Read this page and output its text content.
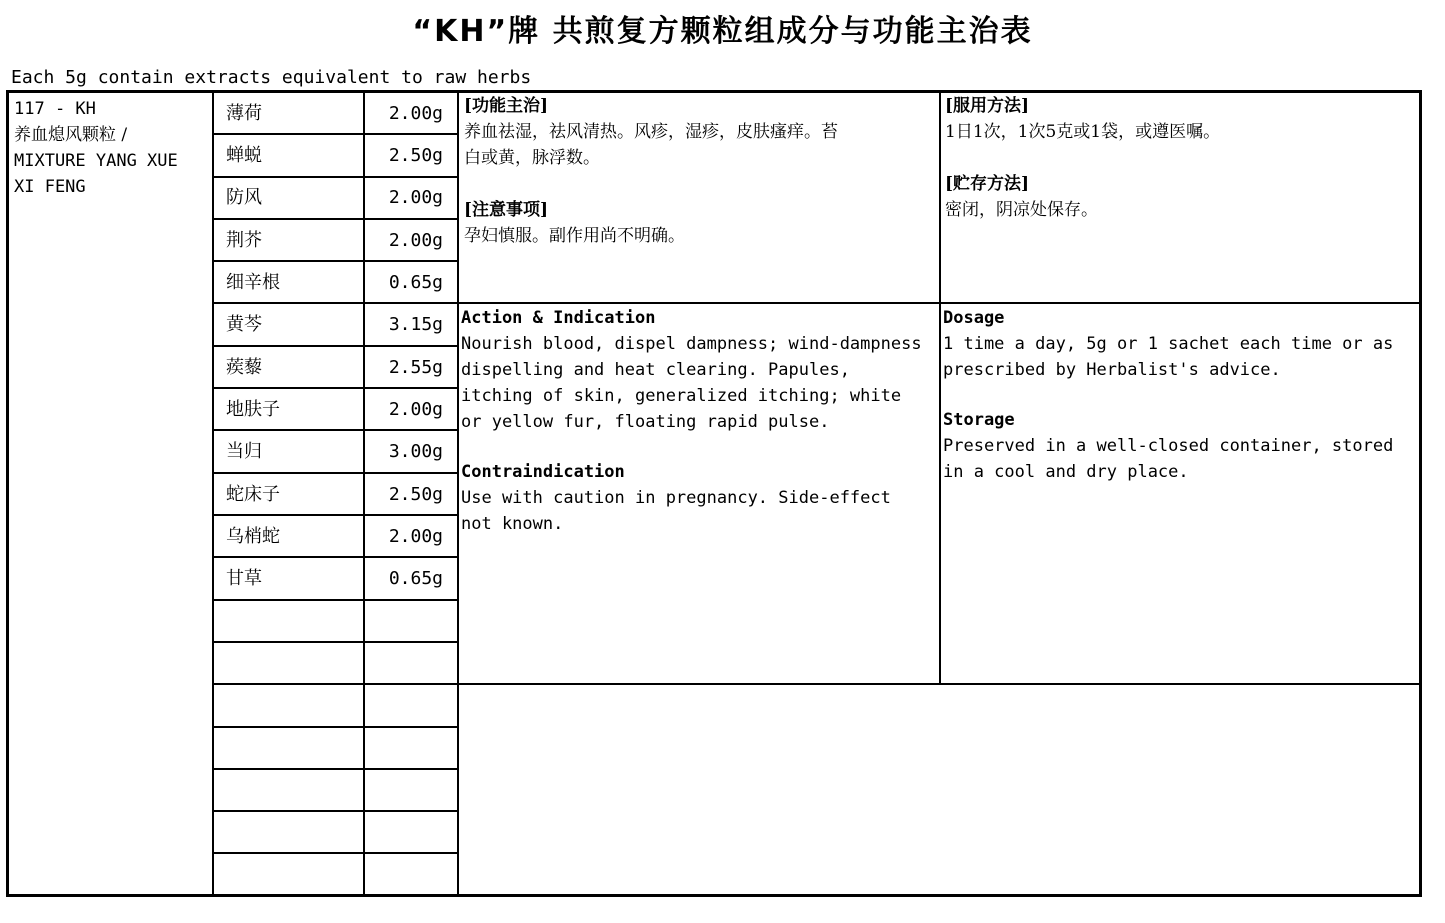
“KH”牌 共煎复方颗粒组成分与功能主治表
Each 5g contain extracts equivalent to raw herbs
117 - KH
养血熄风颗粒 /
MIXTURE YANG XUE
XI FENG
薄荷	2.00g
蝉蜕	2.50g
防风	2.00g
荆芥	2.00g
细辛根	0.65g
黄芩	3.15g
蒺藜	2.55g
地肤子	2.00g
当归	3.00g
蛇床子	2.50g
乌梢蛇	2.00g
甘草	0.65g
[功能主治]
养血祛湿，祛风清热。风疹，湿疹，皮肤瘙痒。苔
白或黄，脉浮数。
[注意事项]
孕妇慎服。副作用尚不明确。
[服用方法]
1日1次，1次5克或1袋，或遵医嘱。
[贮存方法]
密闭，阴凉处保存。
Action & Indication
Nourish blood, dispel dampness; wind-dampness
dispelling and heat clearing. Papules,
itching of skin, generalized itching; white
or yellow fur, floating rapid pulse.
Contraindication
Use with caution in pregnancy. Side-effect
not known.
Dosage
1 time a day, 5g or 1 sachet each time or as
prescribed by Herbalist's advice.
Storage
Preserved in a well-closed container, stored
in a cool and dry place.
